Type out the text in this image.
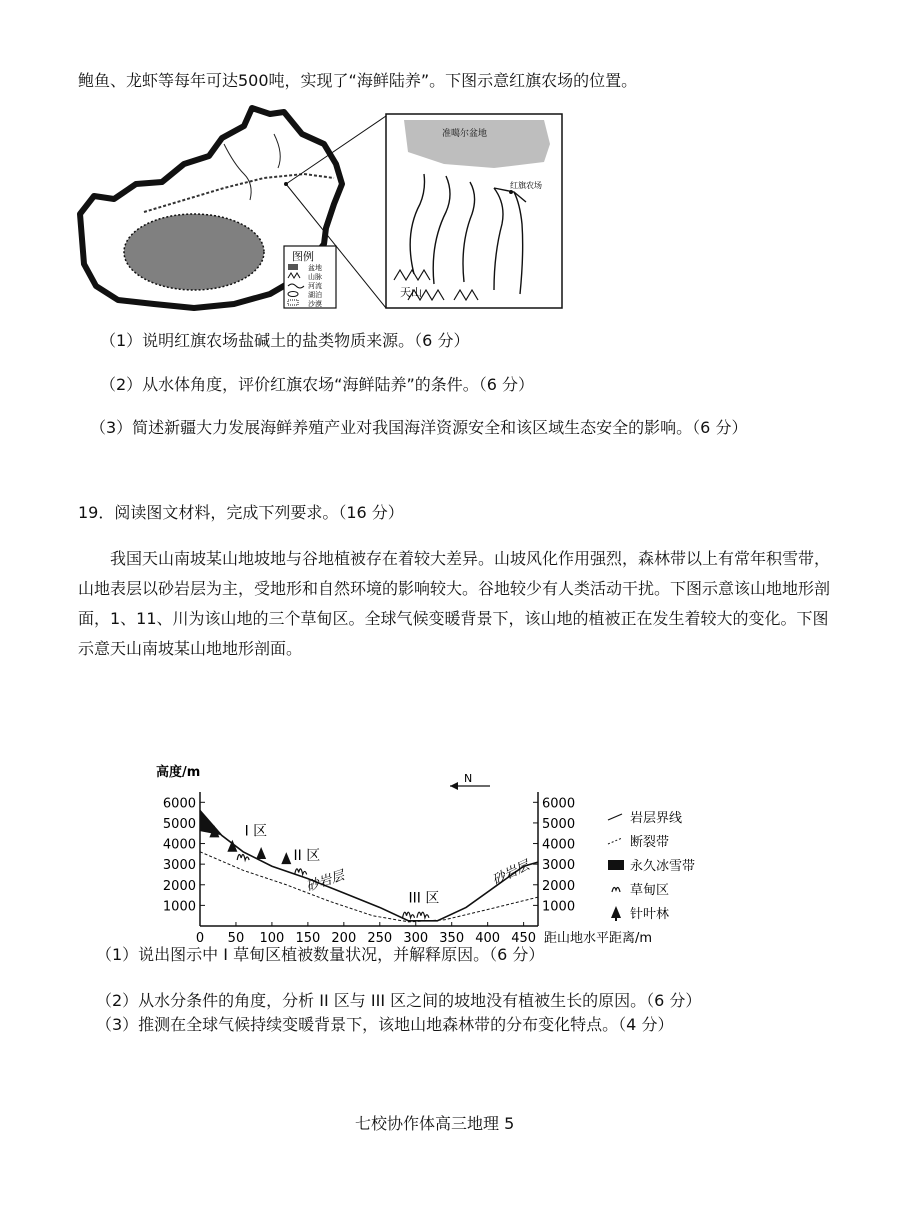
鲍鱼、龙虾等每年可达500吨，实现了“海鲜陆养”。下图示意红旗农场的位置。
图例
盆地
山脉
河流
湖泊
沙漠
准噶尔盆地
红旗农场
天山
（1）说明红旗农场盐碱土的盐类物质来源。（6 分）
（2）从水体角度，评价红旗农场“海鲜陆养”的条件。（6 分）
（3）简述新疆大力发展海鲜养殖产业对我国海洋资源安全和该区域生态安全的影响。（6 分）
19．阅读图文材料，完成下列要求。（16 分）
我国天山南坡某山地坡地与谷地植被存在着较大差异。山坡风化作用强烈，森林带以上有常年积雪带，山地表层以砂岩层为主，受地形和自然环境的影响较大。谷地较少有人类活动干扰。下图示意该山地地形剖面，1、11、川为该山地的三个草甸区。全球气候变暖背景下，该山地的植被正在发生着较大的变化。下图示意天山南坡某山地地形剖面。
高度/m	N
1000	1000
2000	2000
3000	3000
4000	4000
5000	5000
6000	6000
0 50 100 150 200 250 300 350 400 450 距山地水平距离/m
I 区
II 区
III 区
砂岩层	砂岩层
岩层界线
断裂带
永久冰雪带
草甸区
针叶林
（1）说出图示中 I 草甸区植被数量状况，并解释原因。（6 分）
（2）从水分条件的角度，分析 II 区与 III 区之间的坡地没有植被生长的原因。（6 分）
（3）推测在全球气候持续变暖背景下，该地山地森林带的分布变化特点。（4 分）
七校协作体高三地理 5
